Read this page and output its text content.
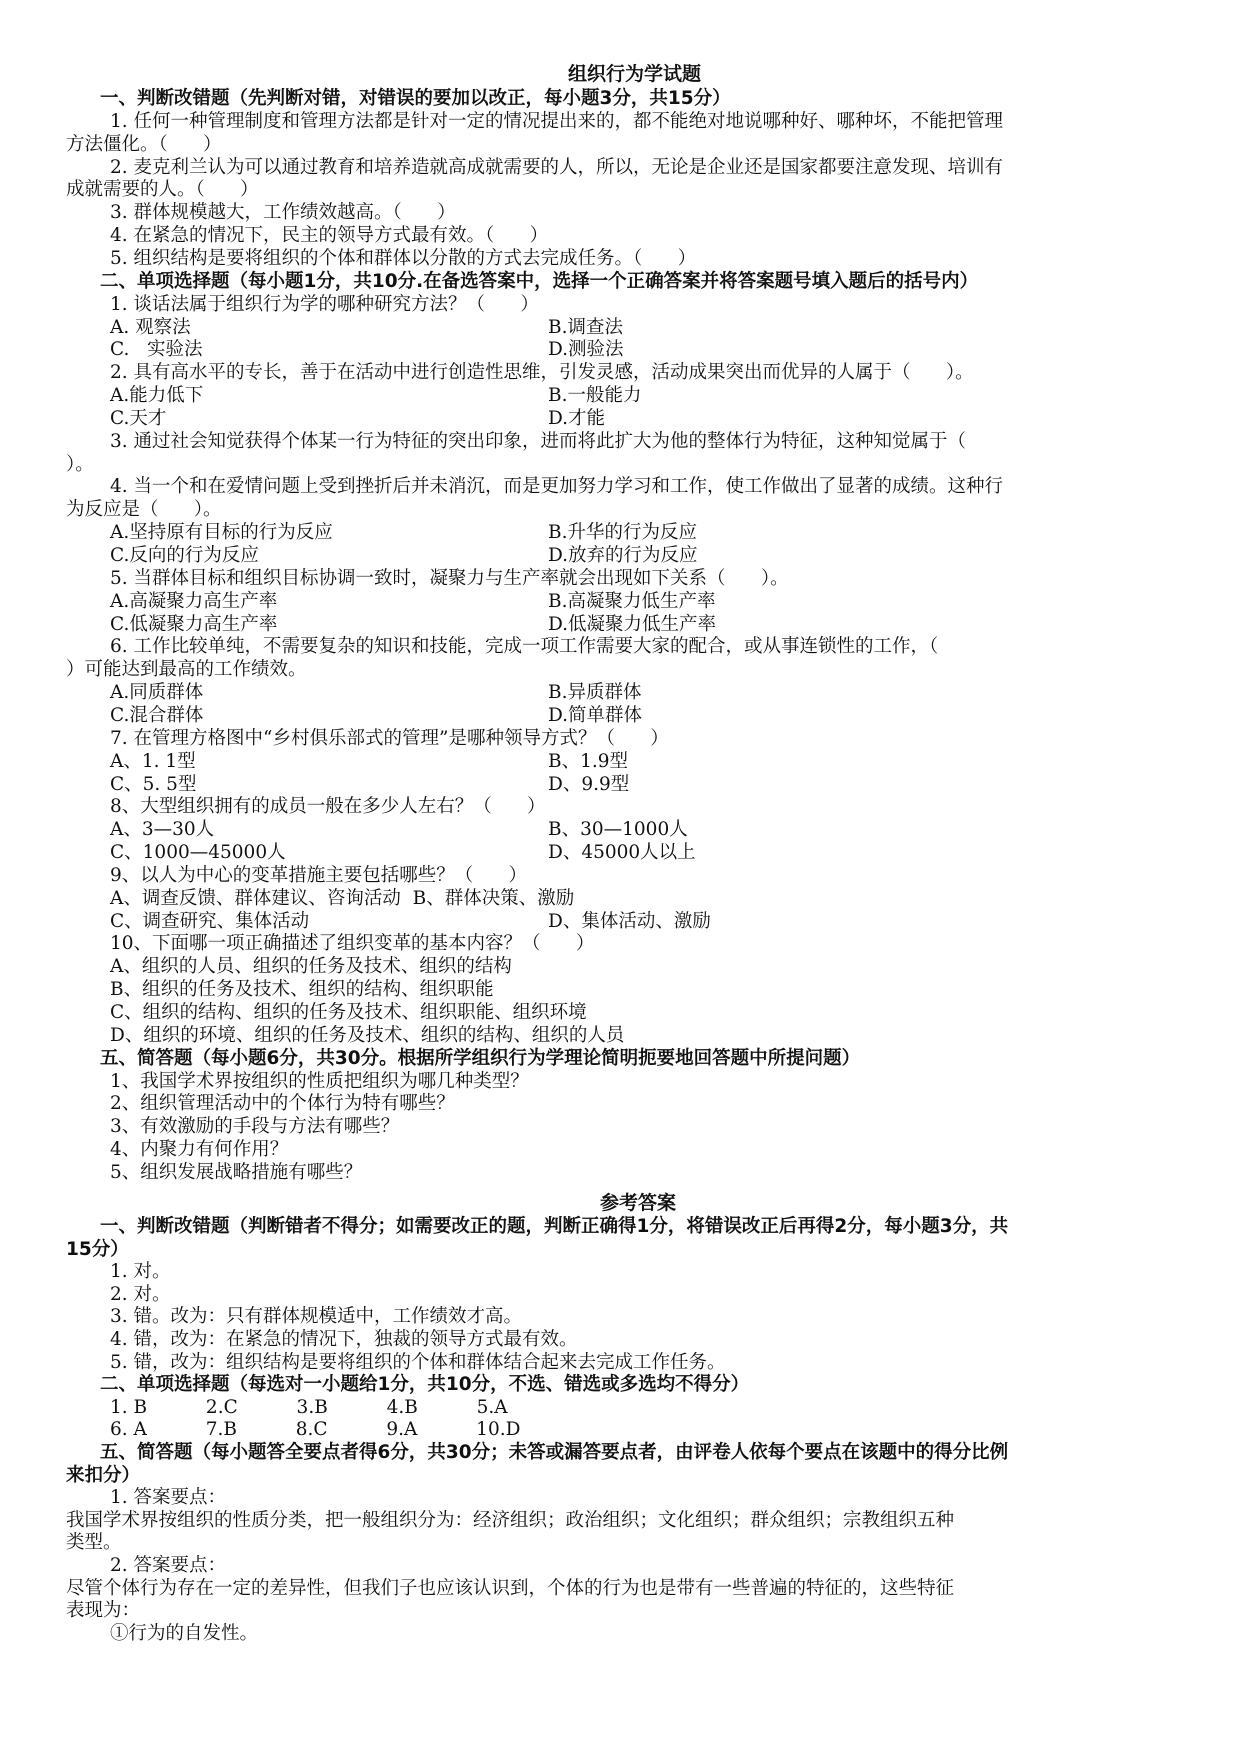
组织行为学试题
一、判断改错题（先判断对错，对错误的要加以改正，每小题3分，共15分）
1. 任何一种管理制度和管理方法都是针对一定的情况提出来的，都不能绝对地说哪种好、哪种坏，不能把管理
方法僵化。（      ）
2. 麦克利兰认为可以通过教育和培养造就高成就需要的人，所以，无论是企业还是国家都要注意发现、培训有
成就需要的人。（      ）
3. 群体规模越大，工作绩效越高。（      ）
4. 在紧急的情况下，民主的领导方式最有效。（      ）
5. 组织结构是要将组织的个体和群体以分散的方式去完成任务。（      ）
二、单项选择题（每小题1分，共10分.在备选答案中，选择一个正确答案并将答案题号填入题后的括号内）
1. 谈话法属于组织行为学的哪种研究方法？（      ）
A. 观察法	B.调查法
C.   实验法	D.测验法
2. 具有高水平的专长，善于在活动中进行创造性思维，引发灵感，活动成果突出而优异的人属于（      ）。
A.能力低下	B.一般能力
C.天才	D.才能
3. 通过社会知觉获得个体某一行为特征的突出印象，进而将此扩大为他的整体行为特征，这种知觉属于（
）。
4. 当一个和在爱情问题上受到挫折后并未消沉，而是更加努力学习和工作，使工作做出了显著的成绩。这种行
为反应是（      ）。
A.坚持原有目标的行为反应	B.升华的行为反应
C.反向的行为反应	D.放弃的行为反应
5. 当群体目标和组织目标协调一致时，凝聚力与生产率就会出现如下关系（      ）。
A.高凝聚力高生产率	B.高凝聚力低生产率
C.低凝聚力高生产率	D.低凝聚力低生产率
6. 工作比较单纯，不需要复杂的知识和技能，完成一项工作需要大家的配合，或从事连锁性的工作，（
）可能达到最高的工作绩效。
A.同质群体	B.异质群体
C.混合群体	D.简单群体
7. 在管理方格图中“乡村俱乐部式的管理”是哪种领导方式？（      ）
A、1. 1型	B、1.9型
C、5. 5型	D、9.9型
8、大型组织拥有的成员一般在多少人左右？（      ）
A、3—30人	B、30—1000人
C、1000—45000人	D、45000人以上
9、以人为中心的变革措施主要包括哪些？（      ）
A、调查反馈、群体建议、咨询活动  B、群体决策、激励
C、调查研究、集体活动	D、集体活动、激励
10、下面哪一项正确描述了组织变革的基本内容？（      ）
A、组织的人员、组织的任务及技术、组织的结构
B、组织的任务及技术、组织的结构、组织职能
C、组织的结构、组织的任务及技术、组织职能、组织环境
D、组织的环境、组织的任务及技术、组织的结构、组织的人员
五、简答题（每小题6分，共30分。根据所学组织行为学理论简明扼要地回答题中所提问题）
1、我国学术界按组织的性质把组织为哪几种类型？
2、组织管理活动中的个体行为特有哪些？
3、有效激励的手段与方法有哪些？
4、内聚力有何作用？
5、组织发展战略措施有哪些？
参考答案
一、判断改错题（判断错者不得分；如需要改正的题，判断正确得1分，将错误改正后再得2分，每小题3分，共
15分）
1. 对。
2. 对。
3. 错。改为：只有群体规模适中，工作绩效才高。
4. 错，改为：在紧急的情况下，独裁的领导方式最有效。
5. 错，改为：组织结构是要将组织的个体和群体结合起来去完成工作任务。
二、单项选择题（每选对一小题给1分，共10分，不选、错选或多选均不得分）
1. B          2.C          3.B          4.B          5.A
6. A          7.B          8.C          9.A          10.D
五、简答题（每小题答全要点者得6分，共30分；未答或漏答要点者，由评卷人依每个要点在该题中的得分比例
来扣分）
1. 答案要点：
我国学术界按组织的性质分类，把一般组织分为：经济组织；政治组织；文化组织；群众组织；宗教组织五种
类型。
2. 答案要点：
尽管个体行为存在一定的差异性，但我们子也应该认识到，个体的行为也是带有一些普遍的特征的，这些特征
表现为：
①行为的自发性。
